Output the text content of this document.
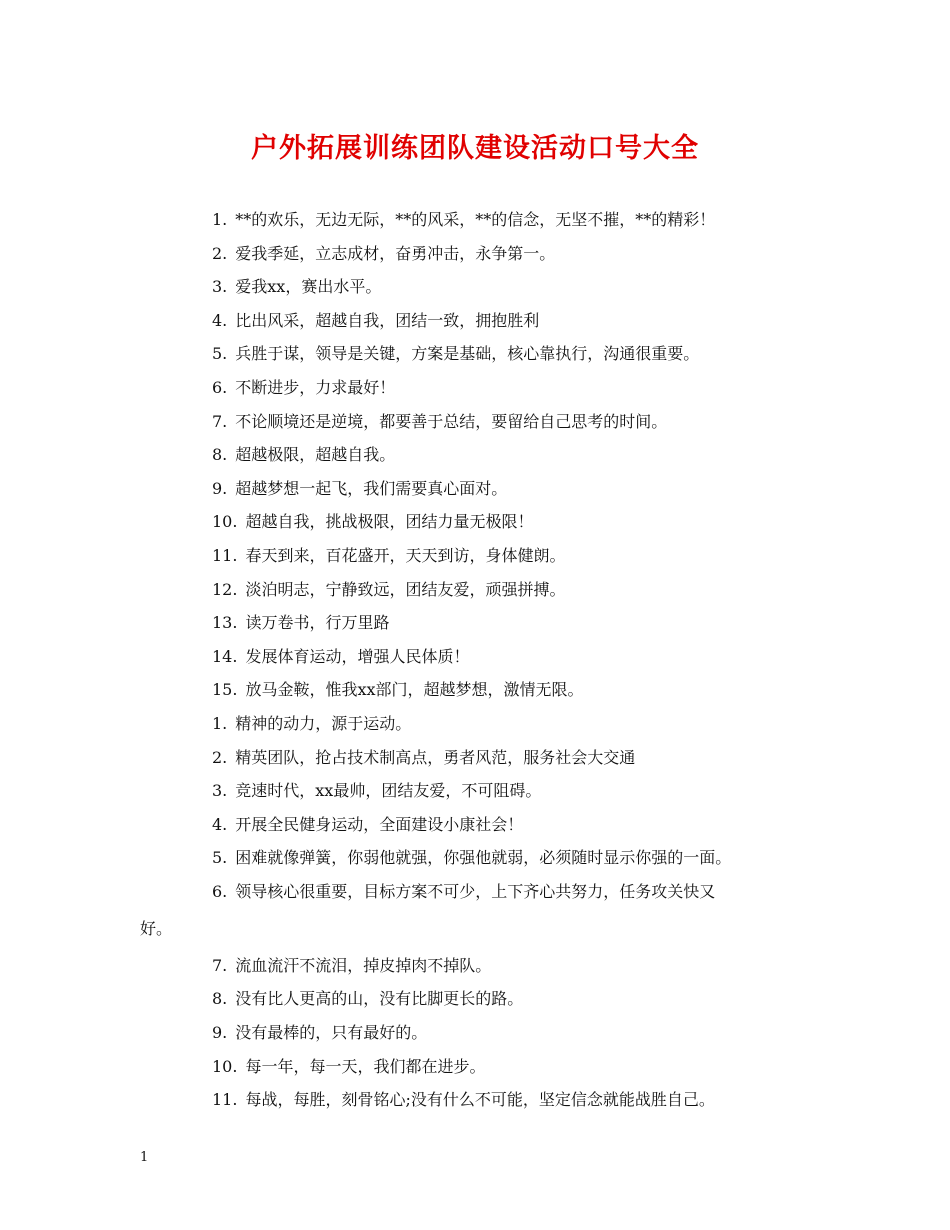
户外拓展训练团队建设活动口号大全

1. **的欢乐，无边无际，**的风采，**的信念，无坚不摧，**的精彩！

2. 爱我季延，立志成材，奋勇冲击，永争第一。

3. 爱我xx，赛出水平。

4. 比出风采，超越自我，团结一致，拥抱胜利

5. 兵胜于谋，领导是关键，方案是基础，核心靠执行，沟通很重要。

6. 不断进步，力求最好！

7. 不论顺境还是逆境，都要善于总结，要留给自己思考的时间。

8. 超越极限，超越自我。

9. 超越梦想一起飞，我们需要真心面对。

10. 超越自我，挑战极限，团结力量无极限！

11. 春天到来，百花盛开，天天到访，身体健朗。

12. 淡泊明志，宁静致远，团结友爱，顽强拼搏。

13. 读万卷书，行万里路

14. 发展体育运动，增强人民体质！

15. 放马金鞍，惟我xx部门，超越梦想，激情无限。

1. 精神的动力，源于运动。

2. 精英团队，抢占技术制高点，勇者风范，服务社会大交通

3. 竞速时代，xx最帅，团结友爱，不可阻碍。

4. 开展全民健身运动，全面建设小康社会！

5. 困难就像弹簧，你弱他就强，你强他就弱，必须随时显示你强的一面。

6. 领导核心很重要，目标方案不可少，上下齐心共努力，任务攻关快又
好。

7. 流血流汗不流泪，掉皮掉肉不掉队。

8. 没有比人更高的山，没有比脚更长的路。

9. 没有最棒的，只有最好的。

10. 每一年，每一天，我们都在进步。

11. 每战，每胜，刻骨铭心;没有什么不可能，坚定信念就能战胜自己。

1
